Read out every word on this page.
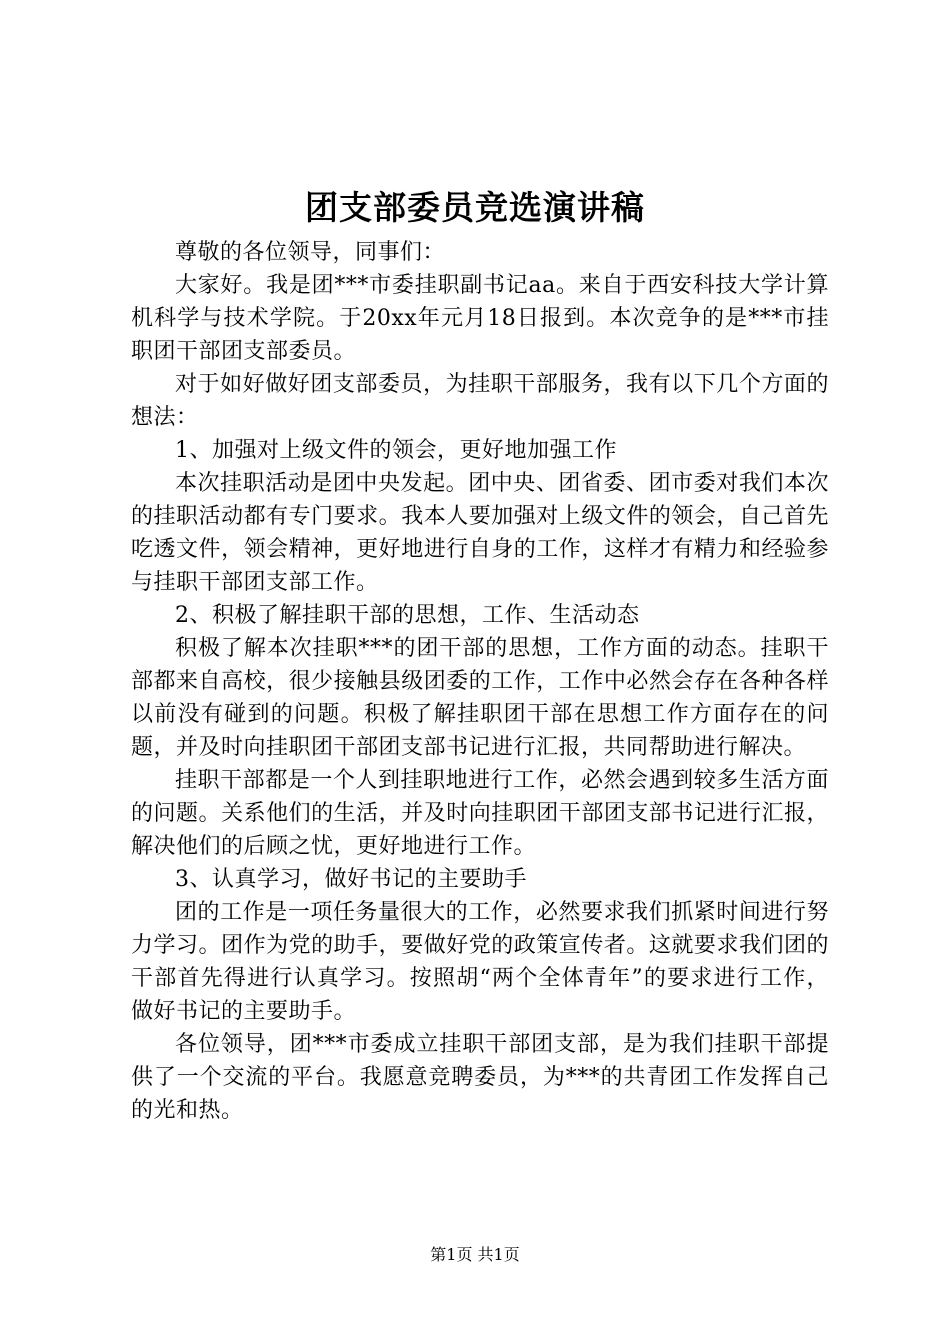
团支部委员竞选演讲稿

尊敬的各位领导，同事们：

大家好。我是团***市委挂职副书记aa。来自于西安科技大学计算机科学与技术学院。于20xx年元月18日报到。本次竞争的是***市挂职团干部团支部委员。

对于如好做好团支部委员，为挂职干部服务，我有以下几个方面的想法：

1、加强对上级文件的领会，更好地加强工作

本次挂职活动是团中央发起。团中央、团省委、团市委对我们本次的挂职活动都有专门要求。我本人要加强对上级文件的领会，自己首先吃透文件，领会精神，更好地进行自身的工作，这样才有精力和经验参与挂职干部团支部工作。

2、积极了解挂职干部的思想，工作、生活动态

积极了解本次挂职***的团干部的思想，工作方面的动态。挂职干部都来自高校，很少接触县级团委的工作，工作中必然会存在各种各样以前没有碰到的问题。积极了解挂职团干部在思想工作方面存在的问题，并及时向挂职团干部团支部书记进行汇报，共同帮助进行解决。

挂职干部都是一个人到挂职地进行工作，必然会遇到较多生活方面的问题。关系他们的生活，并及时向挂职团干部团支部书记进行汇报，解决他们的后顾之忧，更好地进行工作。

3、认真学习，做好书记的主要助手

团的工作是一项任务量很大的工作，必然要求我们抓紧时间进行努力学习。团作为党的助手，要做好党的政策宣传者。这就要求我们团的干部首先得进行认真学习。按照胡“两个全体青年”的要求进行工作，做好书记的主要助手。

各位领导，团***市委成立挂职干部团支部，是为我们挂职干部提供了一个交流的平台。我愿意竞聘委员，为***的共青团工作发挥自己的光和热。

第1页 共1页
